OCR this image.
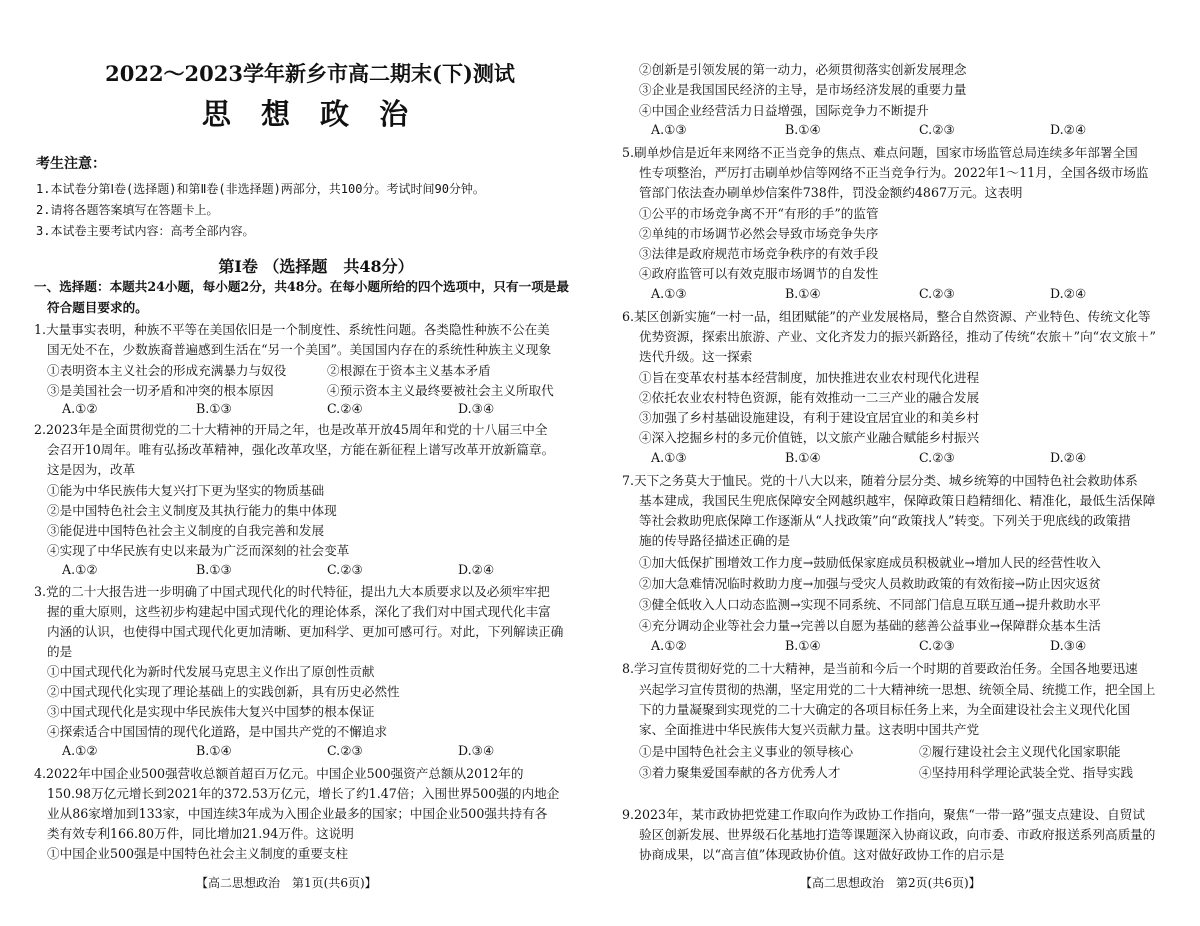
2022～2023学年新乡市高二期末(下)测试
思 想 政 治
考生注意：
1.本试卷分第Ⅰ卷(选择题)和第Ⅱ卷(非选择题)两部分，共100分。考试时间90分钟。
2.请将各题答案填写在答题卡上。
3.本试卷主要考试内容：高考全部内容。
第Ⅰ卷 （选择题　共48分）
一、选择题：本题共24小题，每小题2分，共48分。在每小题所给的四个选项中，只有一项是最
符合题目要求的。
1.大量事实表明，种族不平等在美国依旧是一个制度性、系统性问题。各类隐性种族不公在美
国无处不在，少数族裔普遍感到生活在“另一个美国”。美国国内存在的系统性种族主义现象
①表明资本主义社会的形成充满暴力与奴役	②根源在于资本主义基本矛盾
③是美国社会一切矛盾和冲突的根本原因	④预示资本主义最终要被社会主义所取代
A.①②	B.①③	C.②④	D.③④
2.2023年是全面贯彻党的二十大精神的开局之年，也是改革开放45周年和党的十八届三中全
会召开10周年。唯有弘扬改革精神，强化改革攻坚，方能在新征程上谱写改革开放新篇章。
这是因为，改革
①能为中华民族伟大复兴打下更为坚实的物质基础
②是中国特色社会主义制度及其执行能力的集中体现
③能促进中国特色社会主义制度的自我完善和发展
④实现了中华民族有史以来最为广泛而深刻的社会变革
A.①②	B.①③	C.②③	D.②④
3.党的二十大报告进一步明确了中国式现代化的时代特征，提出九大本质要求以及必须牢牢把
握的重大原则，这些初步构建起中国式现代化的理论体系，深化了我们对中国式现代化丰富
内涵的认识，也使得中国式现代化更加清晰、更加科学、更加可感可行。对此，下列解读正确
的是
①中国式现代化为新时代发展马克思主义作出了原创性贡献
②中国式现代化实现了理论基础上的实践创新，具有历史必然性
③中国式现代化是实现中华民族伟大复兴中国梦的根本保证
④探索适合中国国情的现代化道路，是中国共产党的不懈追求
A.①②	B.①④	C.②③	D.③④
4.2022年中国企业500强营收总额首超百万亿元。中国企业500强资产总额从2012年的
150.98万亿元增长到2021年的372.53万亿元，增长了约1.47倍；入围世界500强的内地企
业从86家增加到133家，中国连续3年成为入围企业最多的国家；中国企业500强共持有各
类有效专利166.80万件，同比增加21.94万件。这说明
①中国企业500强是中国特色社会主义制度的重要支柱
【高二思想政治　第1页(共6页)】
②创新是引领发展的第一动力，必须贯彻落实创新发展理念
③企业是我国国民经济的主导，是市场经济发展的重要力量
④中国企业经营活力日益增强，国际竞争力不断提升
A.①③	B.①④	C.②③	D.②④
5.刷单炒信是近年来网络不正当竞争的焦点、难点问题，国家市场监管总局连续多年部署全国
性专项整治，严厉打击刷单炒信等网络不正当竞争行为。2022年1～11月，全国各级市场监
管部门依法查办刷单炒信案件738件，罚没金额约4867万元。这表明
①公平的市场竞争离不开“有形的手”的监管
②单纯的市场调节必然会导致市场竞争失序
③法律是政府规范市场竞争秩序的有效手段
④政府监管可以有效克服市场调节的自发性
A.①③	B.①④	C.②③	D.②④
6.某区创新实施“一村一品，组团赋能”的产业发展格局，整合自然资源、产业特色、传统文化等
优势资源，探索出旅游、产业、文化齐发力的振兴新路径，推动了传统“农旅＋”向“农文旅＋”
迭代升级。这一探索
①旨在变革农村基本经营制度，加快推进农业农村现代化进程
②依托农业农村特色资源，能有效推动一二三产业的融合发展
③加强了乡村基础设施建设，有利于建设宜居宜业的和美乡村
④深入挖掘乡村的多元价值链，以文旅产业融合赋能乡村振兴
A.①③	B.①④	C.②③	D.②④
7.天下之务莫大于恤民。党的十八大以来，随着分层分类、城乡统筹的中国特色社会救助体系
基本建成，我国民生兜底保障安全网越织越牢，保障政策日趋精细化、精准化，最低生活保障
等社会救助兜底保障工作逐渐从“人找政策”向“政策找人”转变。下列关于兜底线的政策措
施的传导路径描述正确的是
①加大低保扩围增效工作力度→鼓励低保家庭成员积极就业→增加人民的经营性收入
②加大急难情况临时救助力度→加强与受灾人员救助政策的有效衔接→防止因灾返贫
③健全低收入人口动态监测→实现不同系统、不同部门信息互联互通→提升救助水平
④充分调动企业等社会力量→完善以自愿为基础的慈善公益事业→保障群众基本生活
A.①②	B.①④	C.②③	D.③④
8.学习宣传贯彻好党的二十大精神，是当前和今后一个时期的首要政治任务。全国各地要迅速
兴起学习宣传贯彻的热潮，坚定用党的二十大精神统一思想、统领全局、统揽工作，把全国上
下的力量凝聚到实现党的二十大确定的各项目标任务上来，为全面建设社会主义现代化国
家、全面推进中华民族伟大复兴贡献力量。这表明中国共产党
①是中国特色社会主义事业的领导核心	②履行建设社会主义现代化国家职能
③着力聚集爱国奉献的各方优秀人才	④坚持用科学理论武装全党、指导实践
9.2023年，某市政协把党建工作取向作为政协工作指向，聚焦“一带一路”强支点建设、自贸试
验区创新发展、世界级石化基地打造等课题深入协商议政，向市委、市政府报送系列高质量的
协商成果，以“高言值”体现政协价值。这对做好政协工作的启示是
【高二思想政治　第2页(共6页)】
